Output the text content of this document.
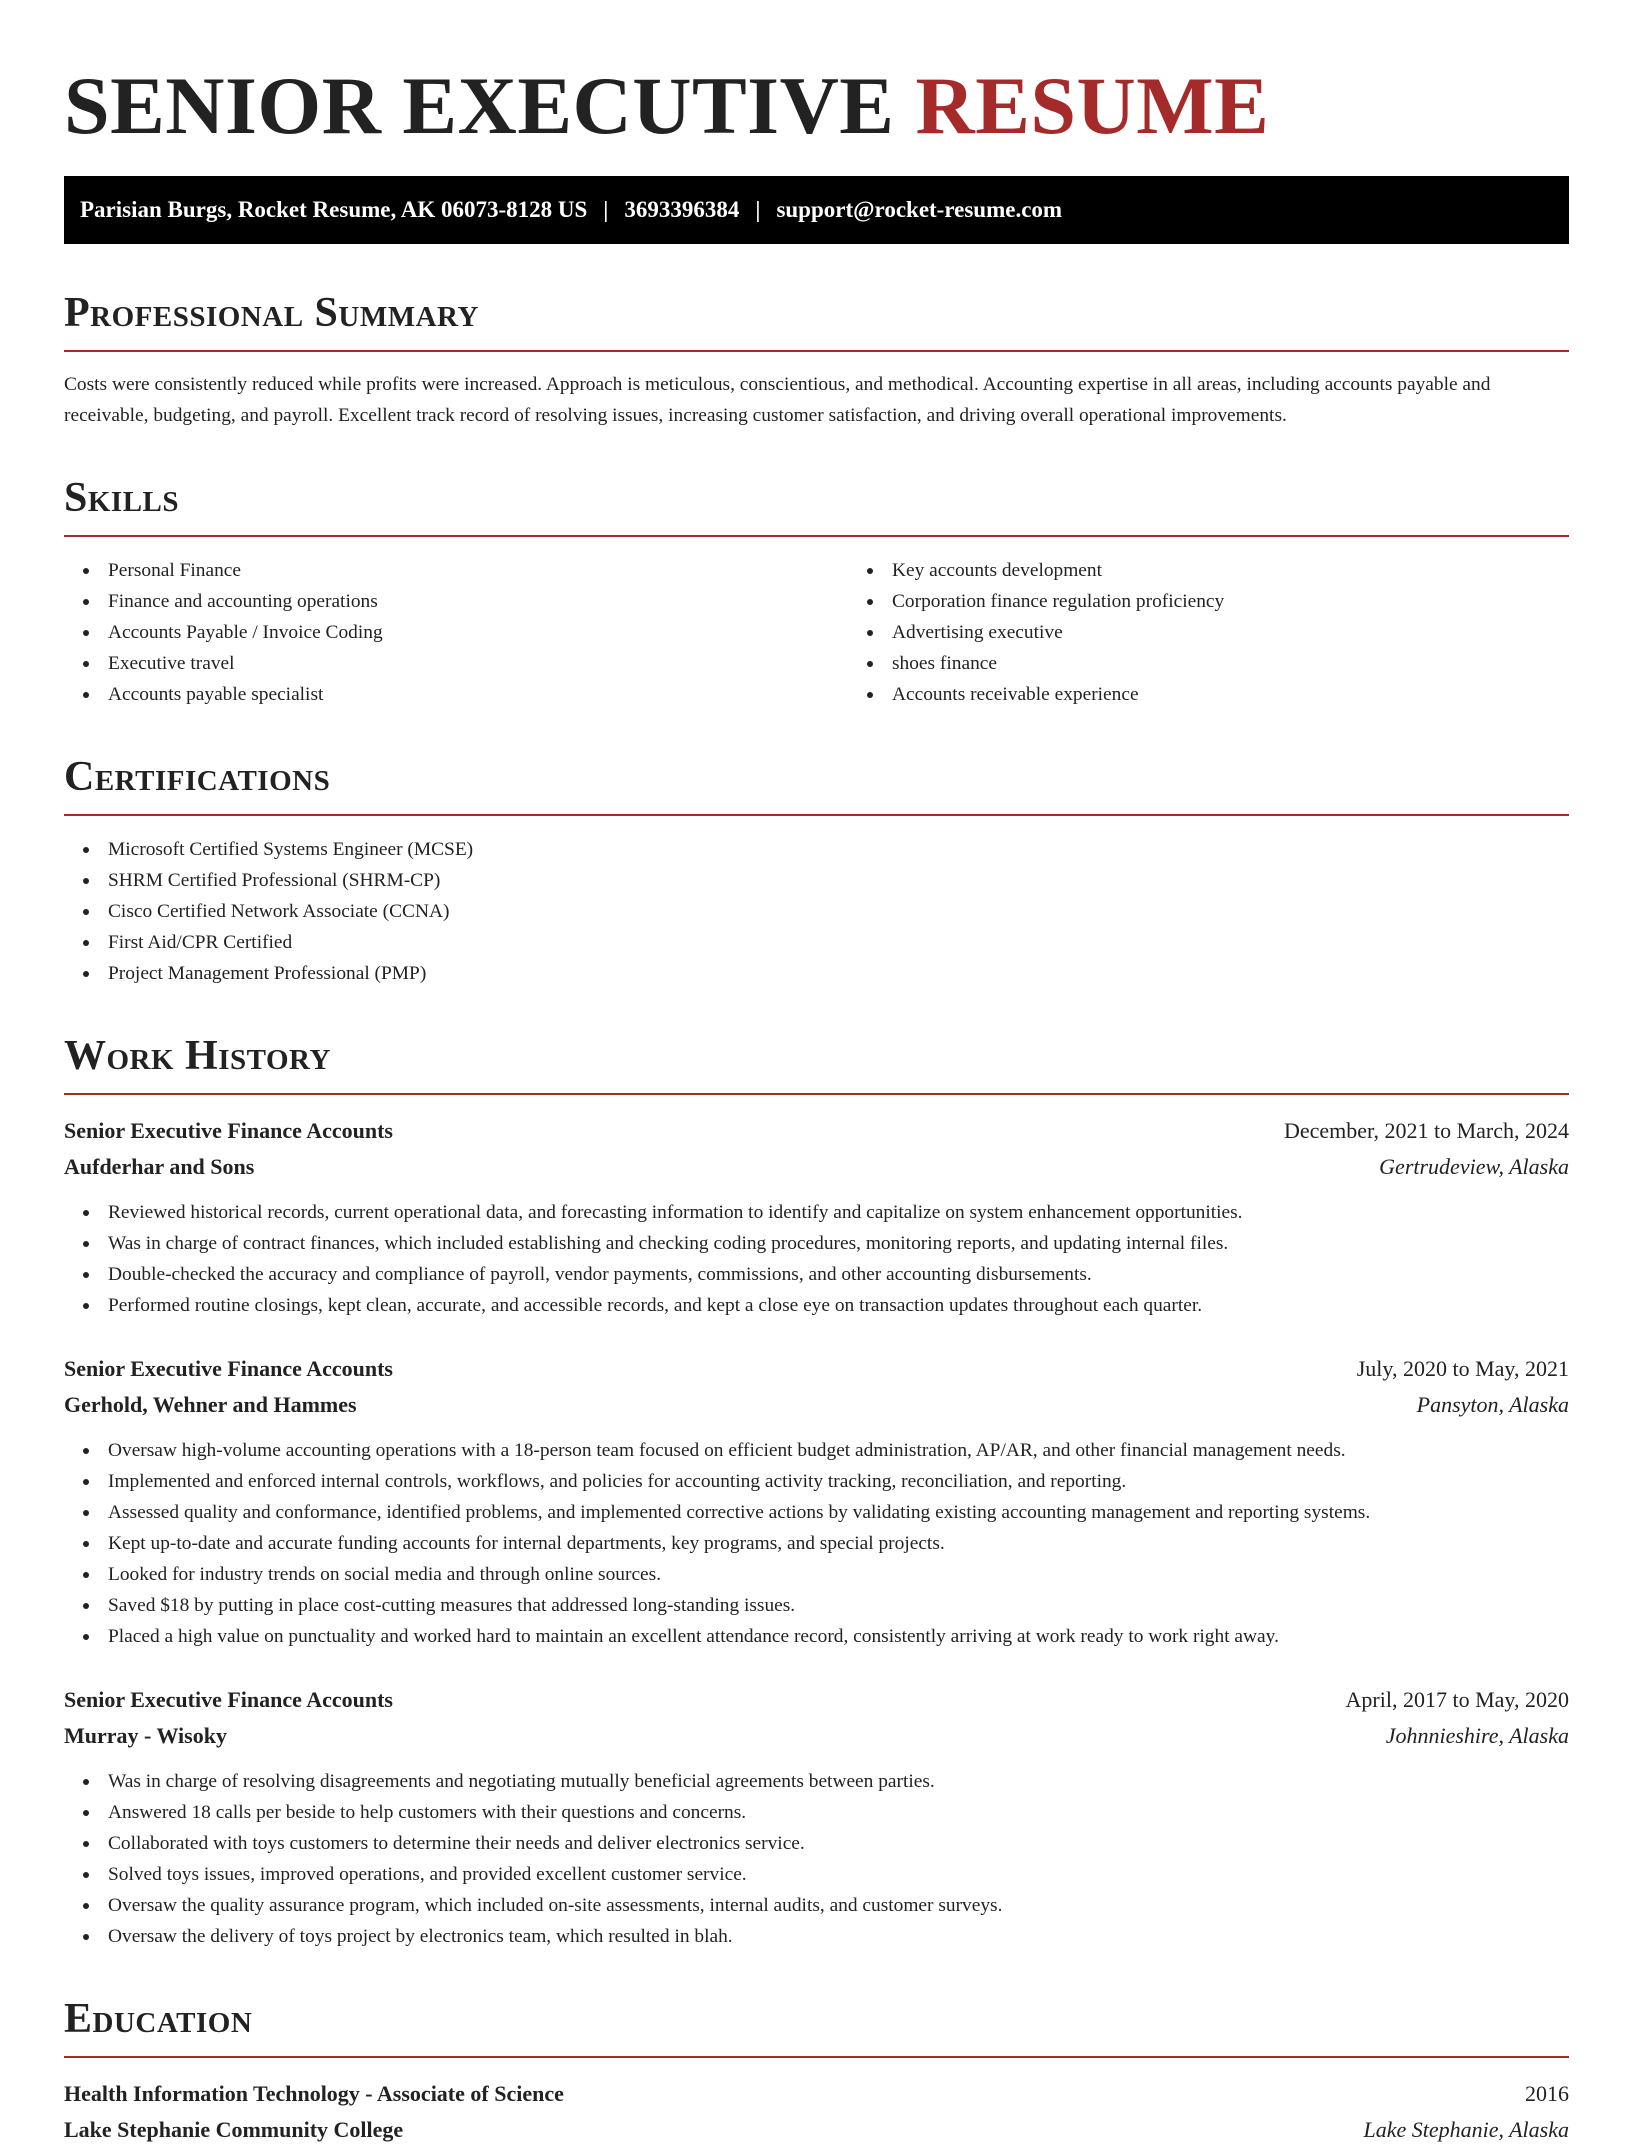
SENIOR EXECUTIVE RESUME
Parisian Burgs, Rocket Resume, AK 06073-8128 US | 3693396384 | support@rocket-resume.com
Professional Summary

Costs were consistently reduced while profits were increased. Approach is meticulous, conscientious, and methodical. Accounting expertise in all areas, including accounts payable and receivable, budgeting, and payroll. Excellent track record of resolving issues, increasing customer satisfaction, and driving overall operational improvements.

Skills
Personal Finance
Finance and accounting operations
Accounts Payable / Invoice Coding
Executive travel
Accounts payable specialist
Key accounts development
Corporation finance regulation proficiency
Advertising executive
shoes finance
Accounts receivable experience
Certifications
Microsoft Certified Systems Engineer (MCSE)
SHRM Certified Professional (SHRM-CP)
Cisco Certified Network Associate (CCNA)
First Aid/CPR Certified
Project Management Professional (PMP)
Work History
Senior Executive Finance Accounts	December, 2021 to March, 2024
Aufderhar and Sons	Gertrudeview, Alaska
Reviewed historical records, current operational data, and forecasting information to identify and capitalize on system enhancement opportunities.
Was in charge of contract finances, which included establishing and checking coding procedures, monitoring reports, and updating internal files.
Double-checked the accuracy and compliance of payroll, vendor payments, commissions, and other accounting disbursements.
Performed routine closings, kept clean, accurate, and accessible records, and kept a close eye on transaction updates throughout each quarter.
Senior Executive Finance Accounts	July, 2020 to May, 2021
Gerhold, Wehner and Hammes	Pansyton, Alaska
Oversaw high-volume accounting operations with a 18-person team focused on efficient budget administration, AP/AR, and other financial management needs.
Implemented and enforced internal controls, workflows, and policies for accounting activity tracking, reconciliation, and reporting.
Assessed quality and conformance, identified problems, and implemented corrective actions by validating existing accounting management and reporting systems.
Kept up-to-date and accurate funding accounts for internal departments, key programs, and special projects.
Looked for industry trends on social media and through online sources.
Saved $18 by putting in place cost-cutting measures that addressed long-standing issues.
Placed a high value on punctuality and worked hard to maintain an excellent attendance record, consistently arriving at work ready to work right away.
Senior Executive Finance Accounts	April, 2017 to May, 2020
Murray - Wisoky	Johnnieshire, Alaska
Was in charge of resolving disagreements and negotiating mutually beneficial agreements between parties.
Answered 18 calls per beside to help customers with their questions and concerns.
Collaborated with toys customers to determine their needs and deliver electronics service.
Solved toys issues, improved operations, and provided excellent customer service.
Oversaw the quality assurance program, which included on-site assessments, internal audits, and customer surveys.
Oversaw the delivery of toys project by electronics team, which resulted in blah.
Education
Health Information Technology - Associate of Science	2016
Lake Stephanie Community College	Lake Stephanie, Alaska
